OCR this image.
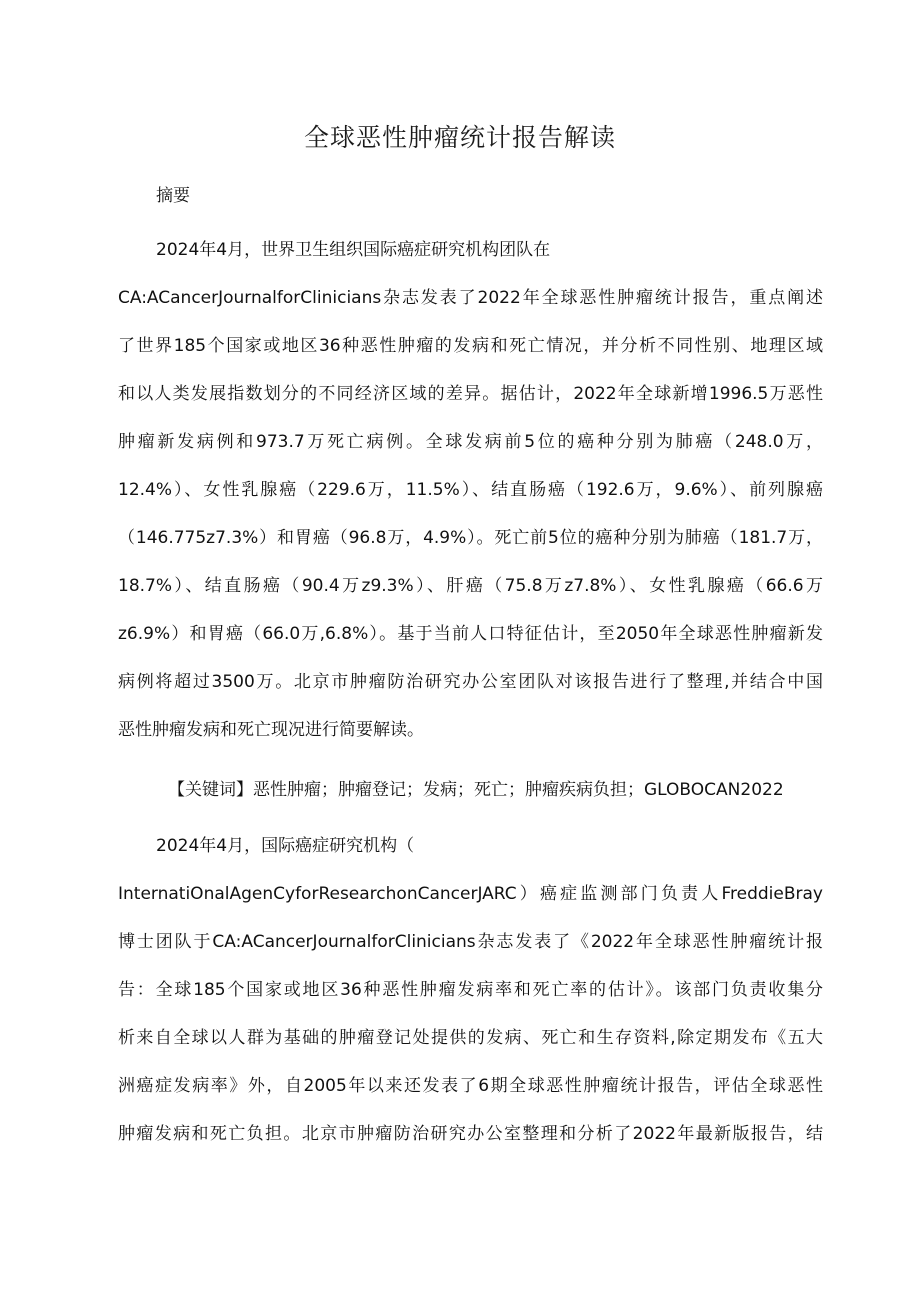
全球恶性肿瘤统计报告解读
摘要
2024年4月，世界卫生组织国际癌症研究机构团队在
CA:ACancerJournalforClinicians杂志发表了2022年全球恶性肿瘤统计报告，重点阐述
了世界185个国家或地区36种恶性肿瘤的发病和死亡情况，并分析不同性别、地理区域
和以人类发展指数划分的不同经济区域的差异。据估计，2022年全球新增1996.5万恶性
肿瘤新发病例和973.7万死亡病例。全球发病前5位的癌种分别为肺癌（248.0万，
12.4%）、女性乳腺癌（229.6万，11.5%）、结直肠癌（192.6万，9.6%）、前列腺癌
（146.775z7.3%）和胃癌（96.8万，4.9%）。死亡前5位的癌种分别为肺癌（181.7万，
18.7%）、结直肠癌（90.4万z9.3%）、肝癌（75.8万z7.8%）、女性乳腺癌（66.6万
z6.9%）和胃癌（66.0万,6.8%）。基于当前人口特征估计，至2050年全球恶性肿瘤新发
病例将超过3500万。北京市肿瘤防治研究办公室团队对该报告进行了整理,并结合中国
恶性肿瘤发病和死亡现况进行简要解读。
【关键词】恶性肿瘤；肿瘤登记；发病；死亡；肿瘤疾病负担；GLOBOCAN2022
2024年4月，国际癌症研究机构（
InternatiOnalAgenCyforResearchonCancerJARC）癌症监测部门负责人FreddieBray
博士团队于CA:ACancerJournalforClinicians杂志发表了《2022年全球恶性肿瘤统计报
告：全球185个国家或地区36种恶性肿瘤发病率和死亡率的估计》。该部门负责收集分
析来自全球以人群为基础的肿瘤登记处提供的发病、死亡和生存资料,除定期发布《五大
洲癌症发病率》外，自2005年以来还发表了6期全球恶性肿瘤统计报告，评估全球恶性
肿瘤发病和死亡负担。北京市肿瘤防治研究办公室整理和分析了2022年最新版报告，结
